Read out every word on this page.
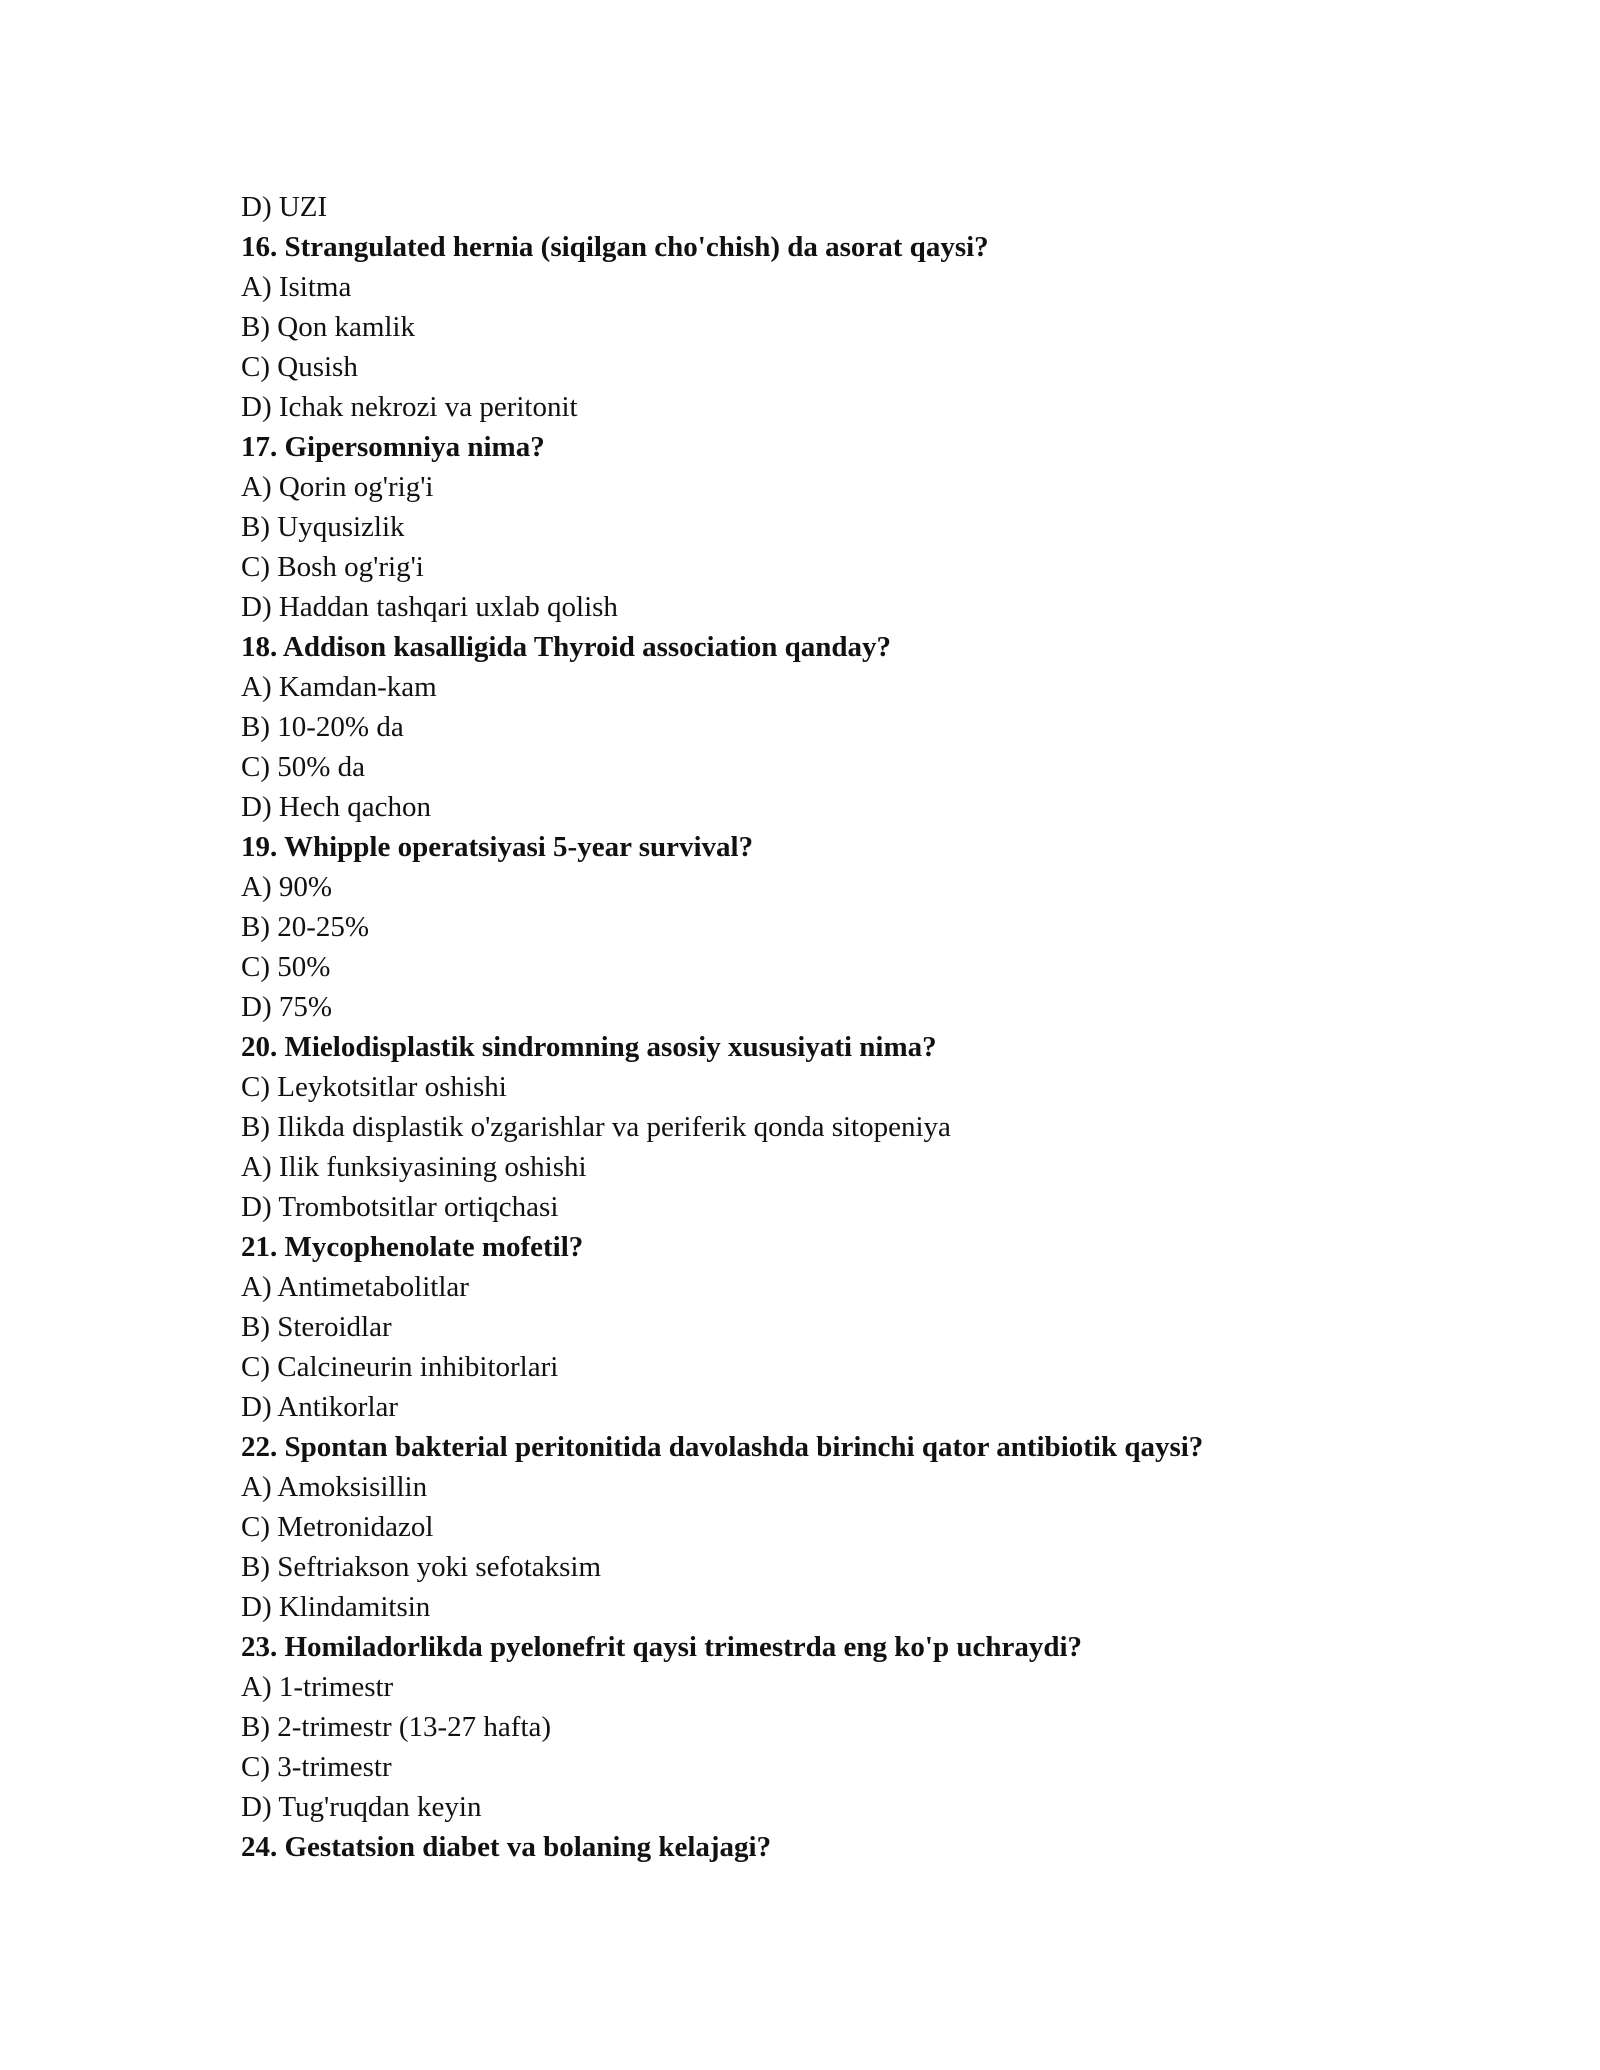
D) UZI
16. Strangulated hernia (siqilgan cho'chish) da asorat qaysi?
A) Isitma
B) Qon kamlik
C) Qusish
D) Ichak nekrozi va peritonit
17. Gipersomniya nima?
A) Qorin og'rig'i
B) Uyqusizlik
C) Bosh og'rig'i
D) Haddan tashqari uxlab qolish
18. Addison kasalligida Thyroid association qanday?
A) Kamdan-kam
B) 10-20% da
C) 50% da
D) Hech qachon
19. Whipple operatsiyasi 5-year survival?
A) 90%
B) 20-25%
C) 50%
D) 75%
20. Mielodisplastik sindromning asosiy xususiyati nima?
C) Leykotsitlar oshishi
B) Ilikda displastik o'zgarishlar va periferik qonda sitopeniya
A) Ilik funksiyasining oshishi
D) Trombotsitlar ortiqchasi
21. Mycophenolate mofetil?
A) Antimetabolitlar
B) Steroidlar
C) Calcineurin inhibitorlari
D) Antikorlar
22. Spontan bakterial peritonitida davolashda birinchi qator antibiotik qaysi?
A) Amoksisillin
C) Metronidazol
B) Seftriakson yoki sefotaksim
D) Klindamitsin
23. Homiladorlikda pyelonefrit qaysi trimestrda eng ko'p uchraydi?
A) 1-trimestr
B) 2-trimestr (13-27 hafta)
C) 3-trimestr
D) Tug'ruqdan keyin
24. Gestatsion diabet va bolaning kelajagi?
